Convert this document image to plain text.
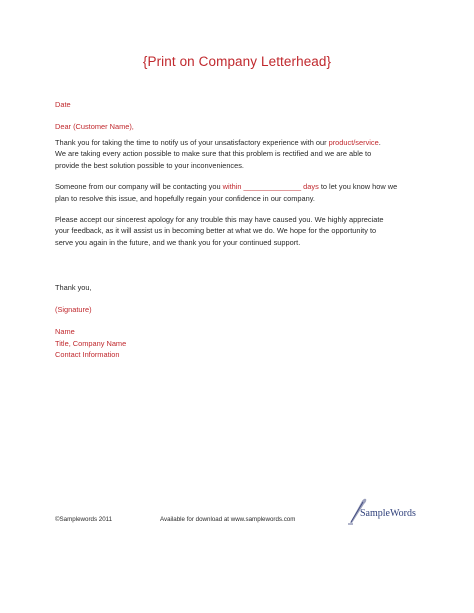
{Print on Company Letterhead}
Date
Dear (Customer Name),
Thank you for taking the time to notify us of your unsatisfactory experience with our product/service.
We are taking every action possible to make sure that this problem is rectified and we are able to
provide the best solution possible to your inconveniences.
Someone from our company will be contacting you within ______________ days to let you know how we
plan to resolve this issue, and hopefully regain your confidence in our company.
Please accept our sincerest apology for any trouble this may have caused you. We highly appreciate
your feedback, as it will assist us in becoming better at what we do. We hope for the opportunity to
serve you again in the future, and we thank you for your continued support.
Thank you,
(Signature)
Name
Title, Company Name
Contact Information
©Samplewords 2011	Available for download at www.samplewords.com
SampleWords
